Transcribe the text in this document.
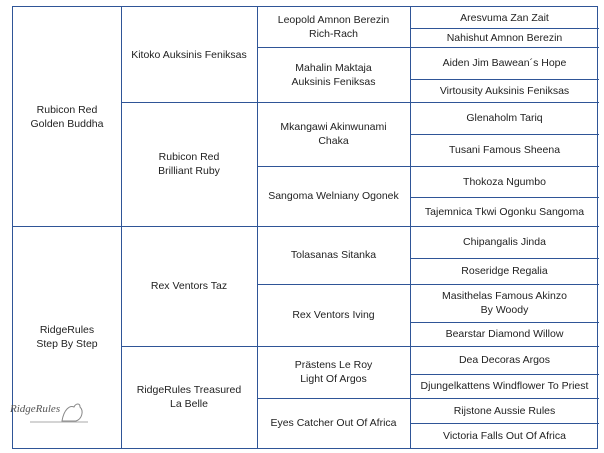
Rubicon Red
Golden Buddha
RidgeRules
Step By Step
Kitoko Auksinis Feniksas
Rubicon Red
Brilliant Ruby
Rex Ventors Taz
RidgeRules Treasured
La Belle
Leopold Amnon Berezin
Rich-Rach
Mahalin Maktaja
Auksinis Feniksas
Mkangawi Akinwunami
Chaka
Sangoma Welniany Ogonek
Tolasanas Sitanka
Rex Ventors Iving
Prästens Le Roy
Light Of Argos
Eyes Catcher Out Of Africa
Aresvuma Zan Zait
Nahishut Amnon Berezin
Aiden Jim Bawean´s Hope
Virtousity Auksinis Feniksas
Glenaholm Tariq
Tusani Famous Sheena
Thokoza Ngumbo
Tajemnica Tkwi Ogonku Sangoma
Chipangalis Jinda
Roseridge Regalia
Masithelas Famous Akinzo
By Woody
Bearstar Diamond Willow
Dea Decoras Argos
Djungelkattens Windflower To Priest
Rijstone Aussie Rules
Victoria Falls Out Of Africa
RidgeRules
